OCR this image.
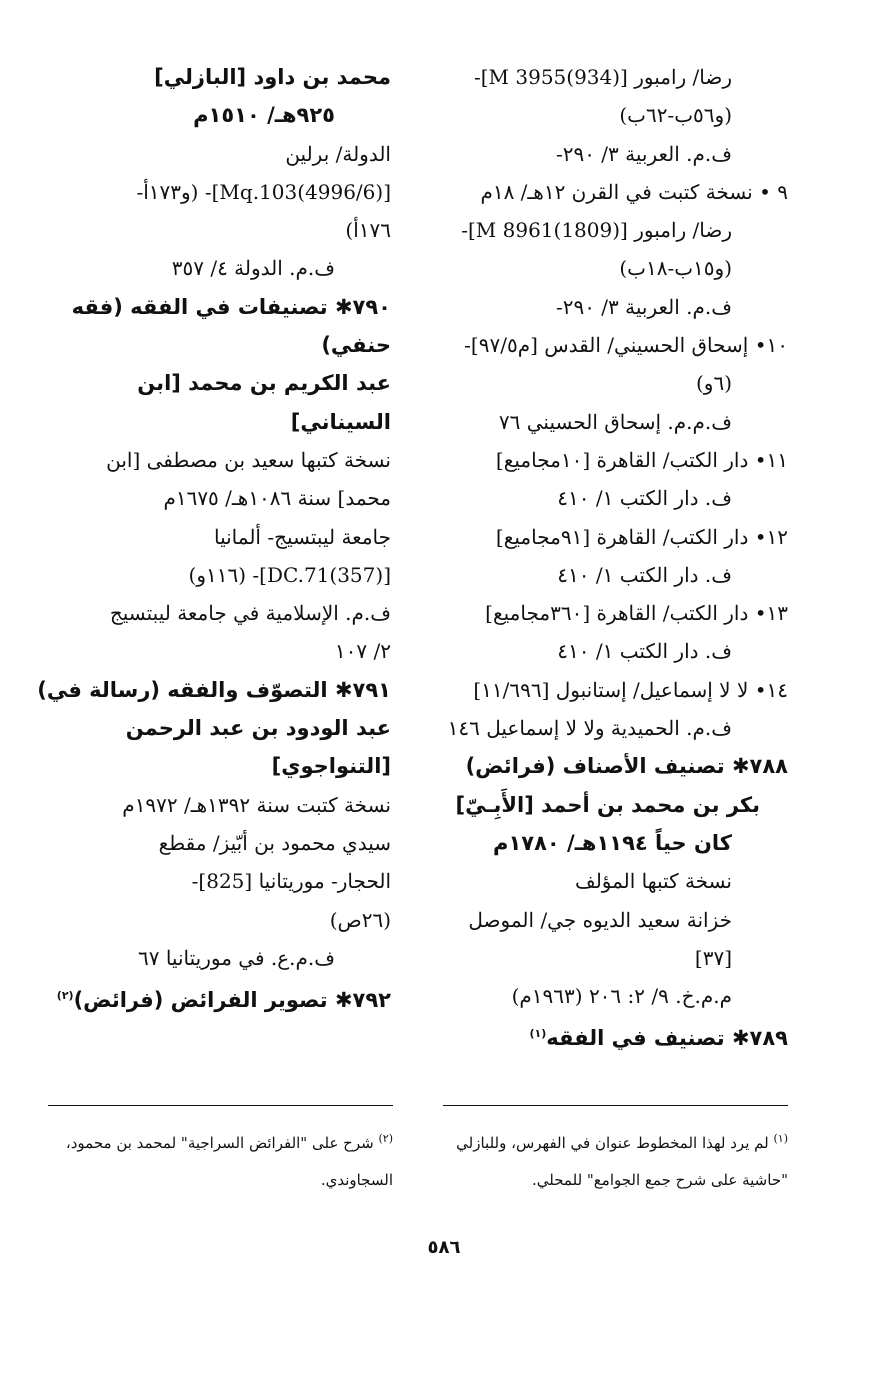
رضا/ رامبور [M 3955(934)]-
(و٥٦ب-٦٢ب)
ف.م. العربية ٣/ ٢٩٠-
٩ • نسخة كتبت في القرن ١٢هـ/ ١٨م
رضا/ رامبور [M 8961(1809)]-
(و١٥ب-١٨ب)
ف.م. العربية ٣/ ٢٩٠-
١٠• إسحاق الحسيني/ القدس [م٩٧/٥]-
(٦و)
ف.م.م. إسحاق الحسيني ٧٦
١١• دار الكتب/ القاهرة [١٠مجاميع]
ف. دار الكتب ١/ ٤١٠
١٢• دار الكتب/ القاهرة [٩١مجاميع]
ف. دار الكتب ١/ ٤١٠
١٣• دار الكتب/ القاهرة [٣٦٠مجاميع]
ف. دار الكتب ١/ ٤١٠
١٤• لا لا إسماعيل/ إستانبول [١١/٦٩٦]
ف.م. الحميدية ولا لا إسماعيل ١٤٦
٧٨٨✱ تصنيف الأصناف (فرائض)
بكر بن محمد بن أحمد [الأَبِـيّ]
كان حياً ١١٩٤هـ/ ١٧٨٠م
نسخة كتبها المؤلف
خزانة سعيد الديوه جي/ الموصل
[٣٧]
م.م.خ. ٩/ ٢: ٢٠٦ (١٩٦٣م)
٧٨٩✱ تصنيف في الفقه$^{(١)}$
محمد بن داود [البازلي]
٩٢٥هـ/ ١٥١٠م
الدولة/ برلين
[Mq.103(4996/6)]- (و١٧٣أ-
١٧٦أ)
ف.م. الدولة ٤/ ٣٥٧
٧٩٠✱ تصنيفات في الفقه (فقه
حنفي)
عبد الكريم بن محمد [ابن
السيناني]
نسخة كتبها سعيد بن مصطفى [ابن
محمد] سنة ١٠٨٦هـ/ ١٦٧٥م
جامعة ليبتسيج- ألمانيا
[DC.71(357)]- (١١٦و)
ف.م. الإسلامية في جامعة ليبتسيج
٢/ ١٠٧
٧٩١✱ التصوّف والفقه (رسالة في)
عبد الودود بن عبد الرحمن
[التنواجوي]
نسخة كتبت سنة ١٣٩٢هـ/ ١٩٧٢م
سيدي محمود بن أبّيز/ مقطع
الحجار- موريتانيا [825]-
(٢٦ص)
ف.م.ع. في موريتانيا ٦٧
٧٩٢✱ تصوير الفرائض (فرائض)$^{(٢)}$
$^{(١)}$ لم يرد لهذا المخطوط عنوان في الفهرس، وللبازلي "حاشية على شرح جمع الجوامع" للمحلي.
$^{(٢)}$ شرح على "الفرائض السراجية" لمحمد بن محمود، السجاوندي.
٥٨٦
